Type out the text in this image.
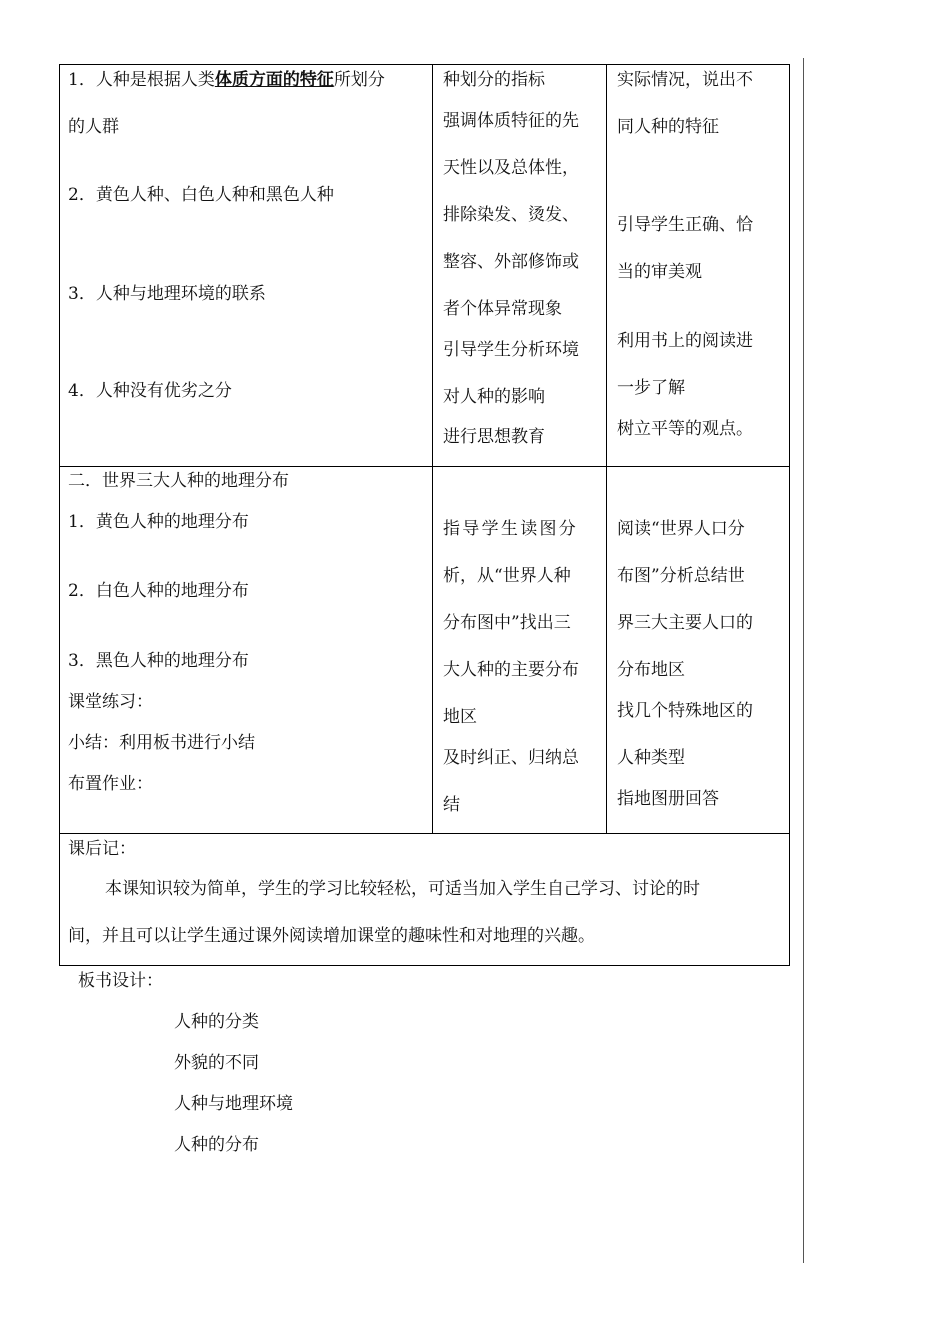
1．人种是根据人类体质方面的特征所划分
的人群
2．黄色人种、白色人种和黑色人种
3．人种与地理环境的联系
4．人种没有优劣之分
种划分的指标
强调体质特征的先
天性以及总体性，
排除染发、烫发、
整容、外部修饰或
者个体异常现象
引导学生分析环境
对人种的影响
进行思想教育
实际情况，说出不
同人种的特征
引导学生正确、恰
当的审美观
利用书上的阅读进
一步了解
树立平等的观点。
二．世界三大人种的地理分布
1．黄色人种的地理分布
2．白色人种的地理分布
3．黑色人种的地理分布
课堂练习：
小结：利用板书进行小结
布置作业：
指导学生读图分
析，从“世界人种
分布图中”找出三
大人种的主要分布
地区
及时纠正、归纳总
结
阅读“世界人口分
布图”分析总结世
界三大主要人口的
分布地区
找几个特殊地区的
人种类型
指地图册回答
课后记：
本课知识较为简单，学生的学习比较轻松，可适当加入学生自己学习、讨论的时
间，并且可以让学生通过课外阅读增加课堂的趣味性和对地理的兴趣。
板书设计：
人种的分类
外貌的不同
人种与地理环境
人种的分布
